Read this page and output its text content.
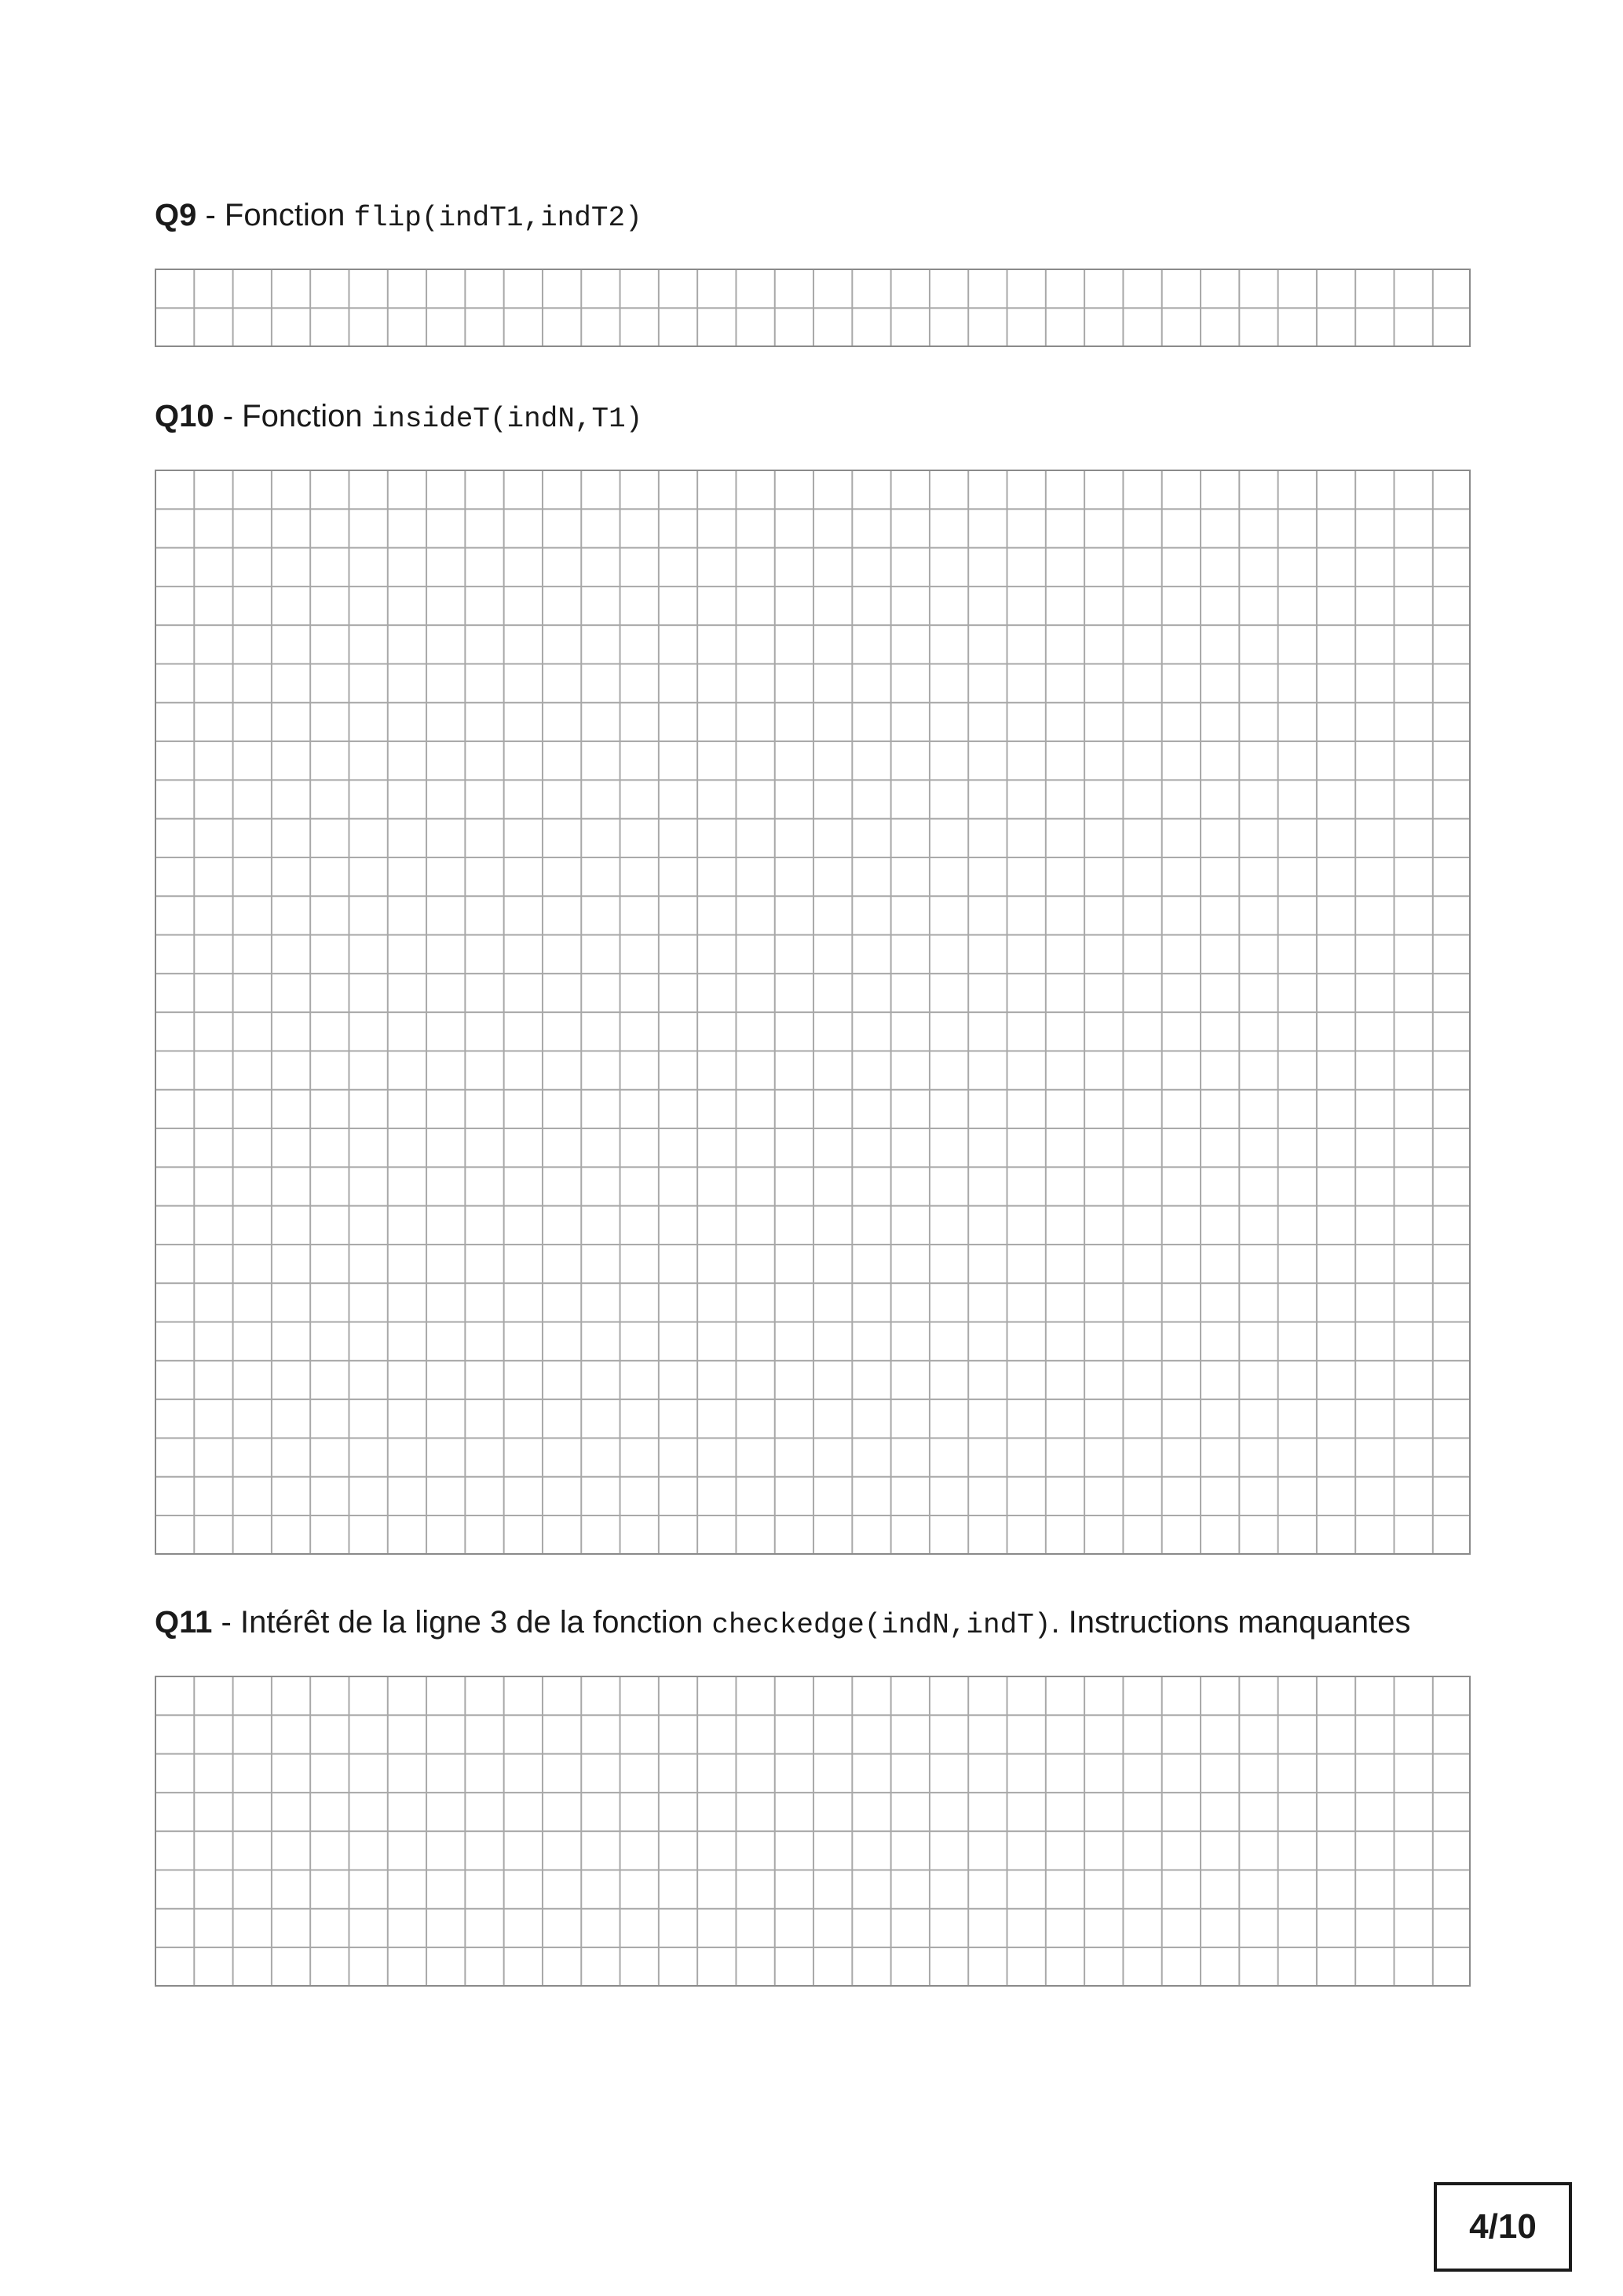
Q9 - Fonction flip(indT1,indT2)
Q10 - Fonction insideT(indN,T1)
Q11 - Intérêt de la ligne 3 de la fonction checkedge(indN,indT). Instructions manquantes
4/10
